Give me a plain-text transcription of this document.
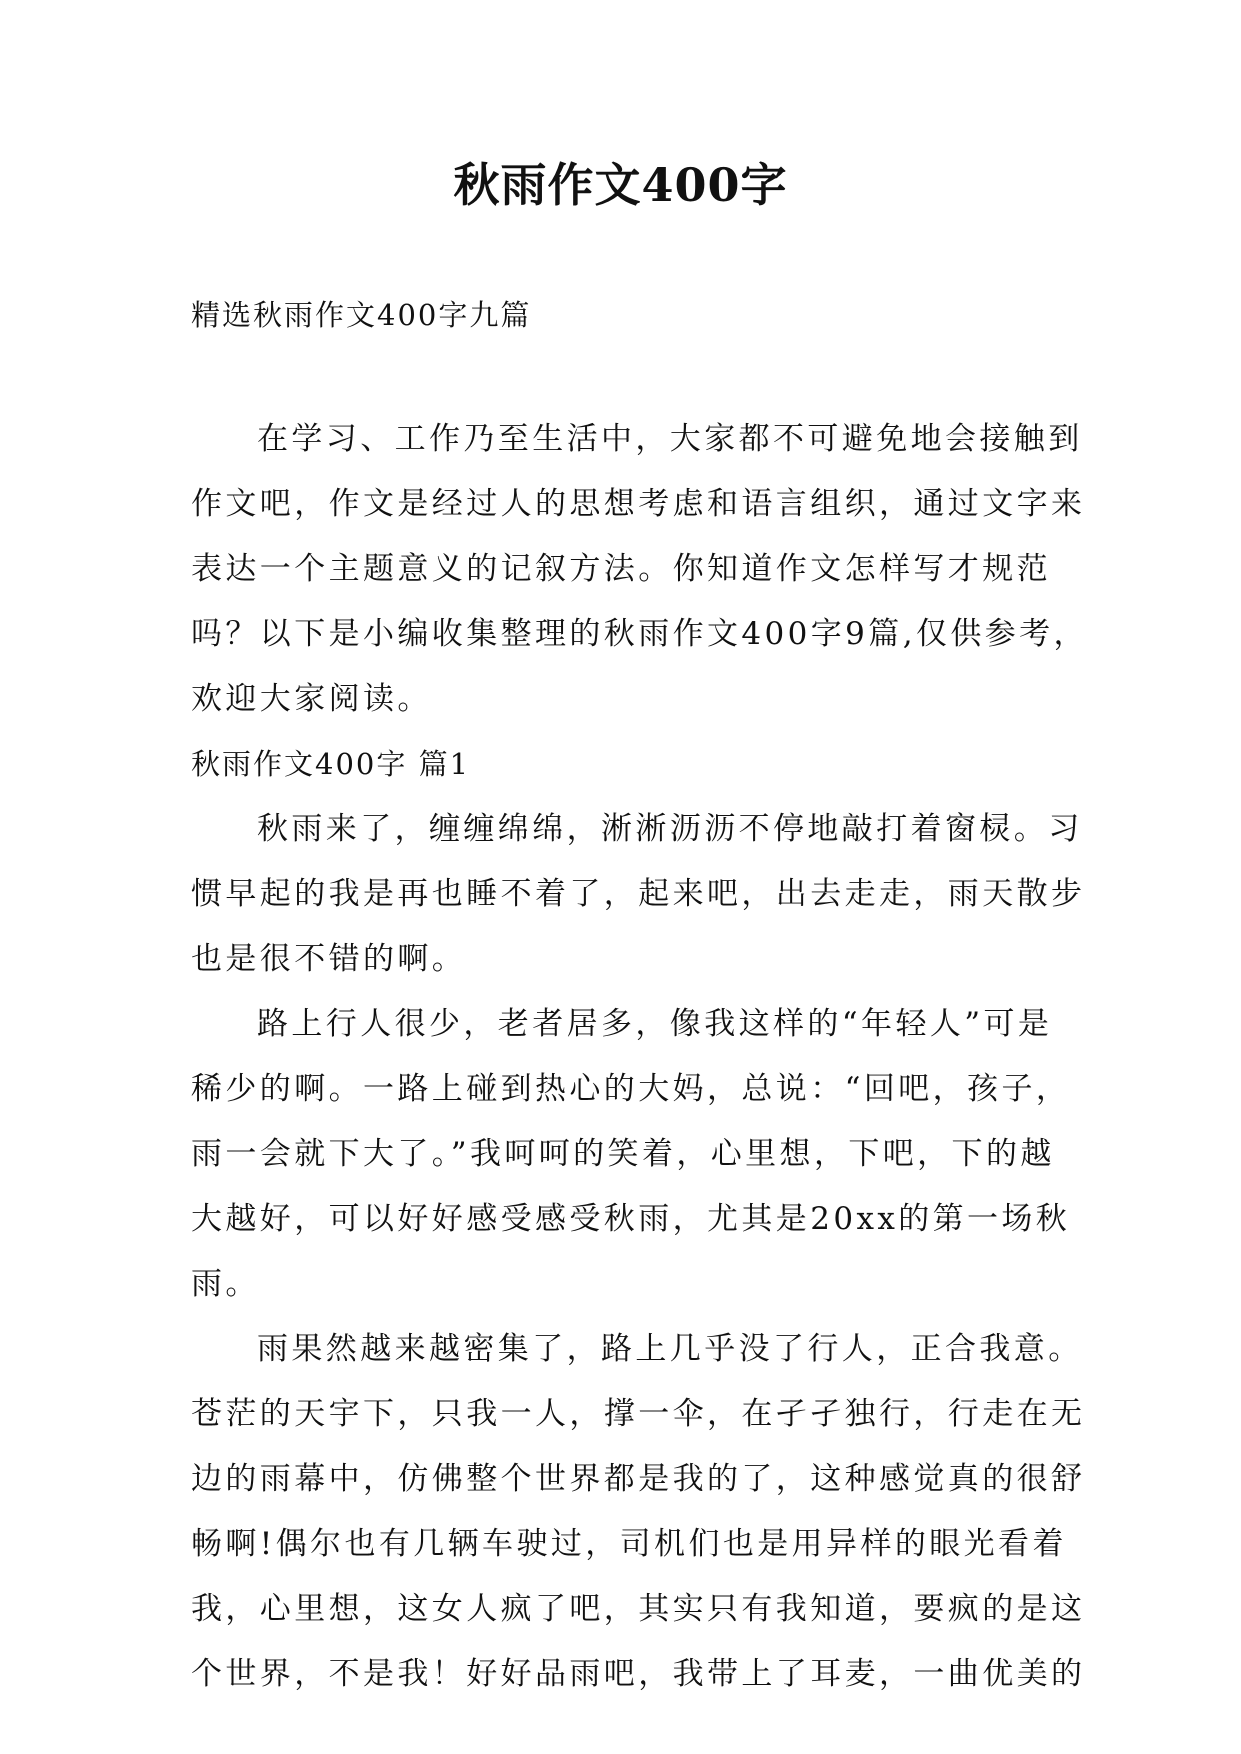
秋雨作文400字
精选秋雨作文400字九篇
在学习、工作乃至生活中，大家都不可避免地会接触到
作文吧，作文是经过人的思想考虑和语言组织，通过文字来
表达一个主题意义的记叙方法。你知道作文怎样写才规范
吗？以下是小编收集整理的秋雨作文400字9篇,仅供参考，
欢迎大家阅读。
秋雨作文400字 篇1
秋雨来了，缠缠绵绵，淅淅沥沥不停地敲打着窗棂。习
惯早起的我是再也睡不着了，起来吧，出去走走，雨天散步
也是很不错的啊。
路上行人很少，老者居多，像我这样的“年轻人”可是
稀少的啊。一路上碰到热心的大妈，总说：“回吧，孩子，
雨一会就下大了。”我呵呵的笑着，心里想，下吧，下的越
大越好，可以好好感受感受秋雨，尤其是20xx的第一场秋
雨。
雨果然越来越密集了，路上几乎没了行人，正合我意。
苍茫的天宇下，只我一人，撑一伞，在孑孑独行，行走在无
边的雨幕中，仿佛整个世界都是我的了，这种感觉真的很舒
畅啊!偶尔也有几辆车驶过，司机们也是用异样的眼光看着
我，心里想，这女人疯了吧，其实只有我知道，要疯的是这
个世界，不是我！好好品雨吧，我带上了耳麦，一曲优美的
